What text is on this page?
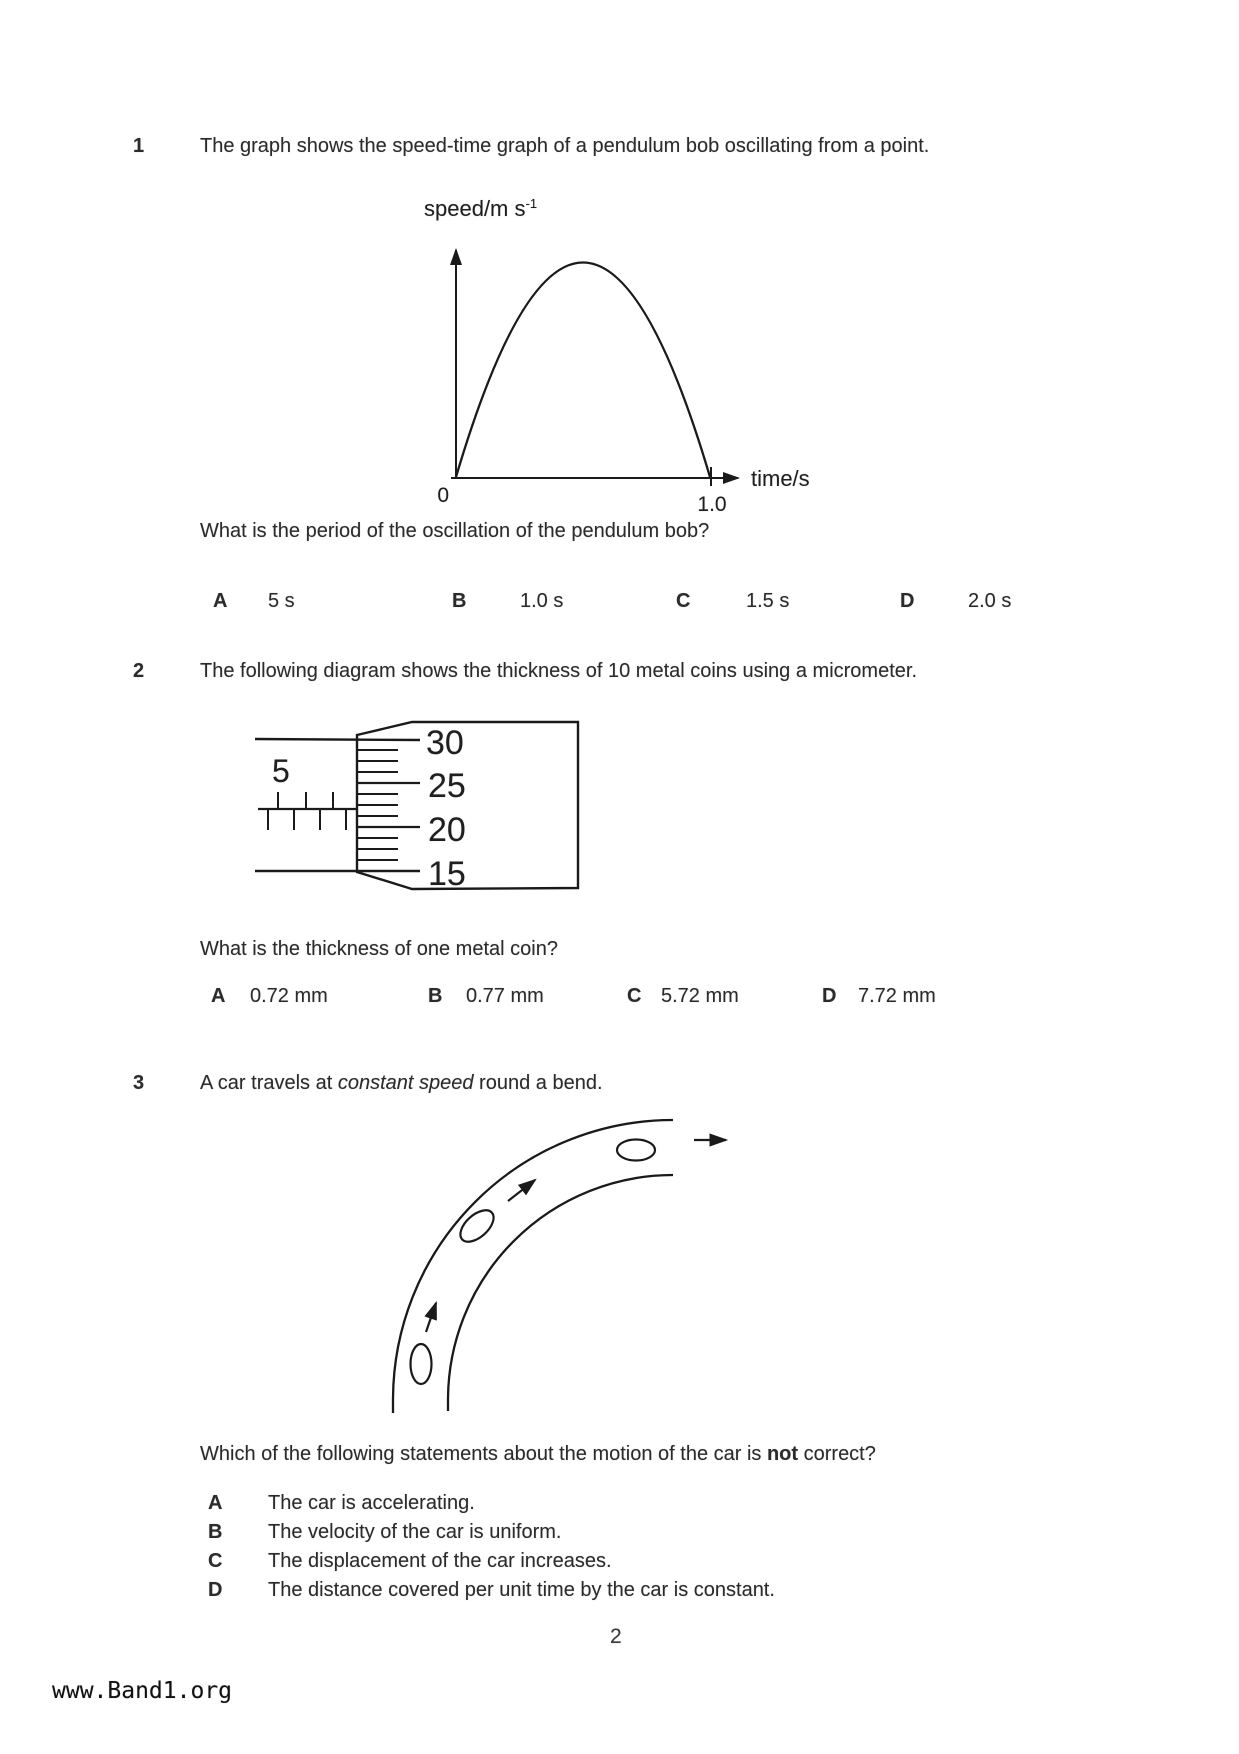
1	The graph shows the speed-time graph of a pendulum bob oscillating from a point.
speed/m $s^{-1}$
0	1.0
time/s
What is the period of the oscillation of the pendulum bob?
A 5 s	B	1.0 s	C	1.5 s	D	2.0 s
2	The following diagram shows the thickness of 10 metal coins using a micrometer.
5
30
25
20
15
What is the thickness of one metal coin?
A 0.72 mm	B 0.77 mm	C 5.72 mm	D 7.72 mm
3	A car travels at constant speed round a bend.
Which of the following statements about the motion of the car is not correct?
A The car is accelerating.
B The velocity of the car is uniform.
C The displacement of the car increases.
D The distance covered per unit time by the car is constant.
2
www.Band1.org
